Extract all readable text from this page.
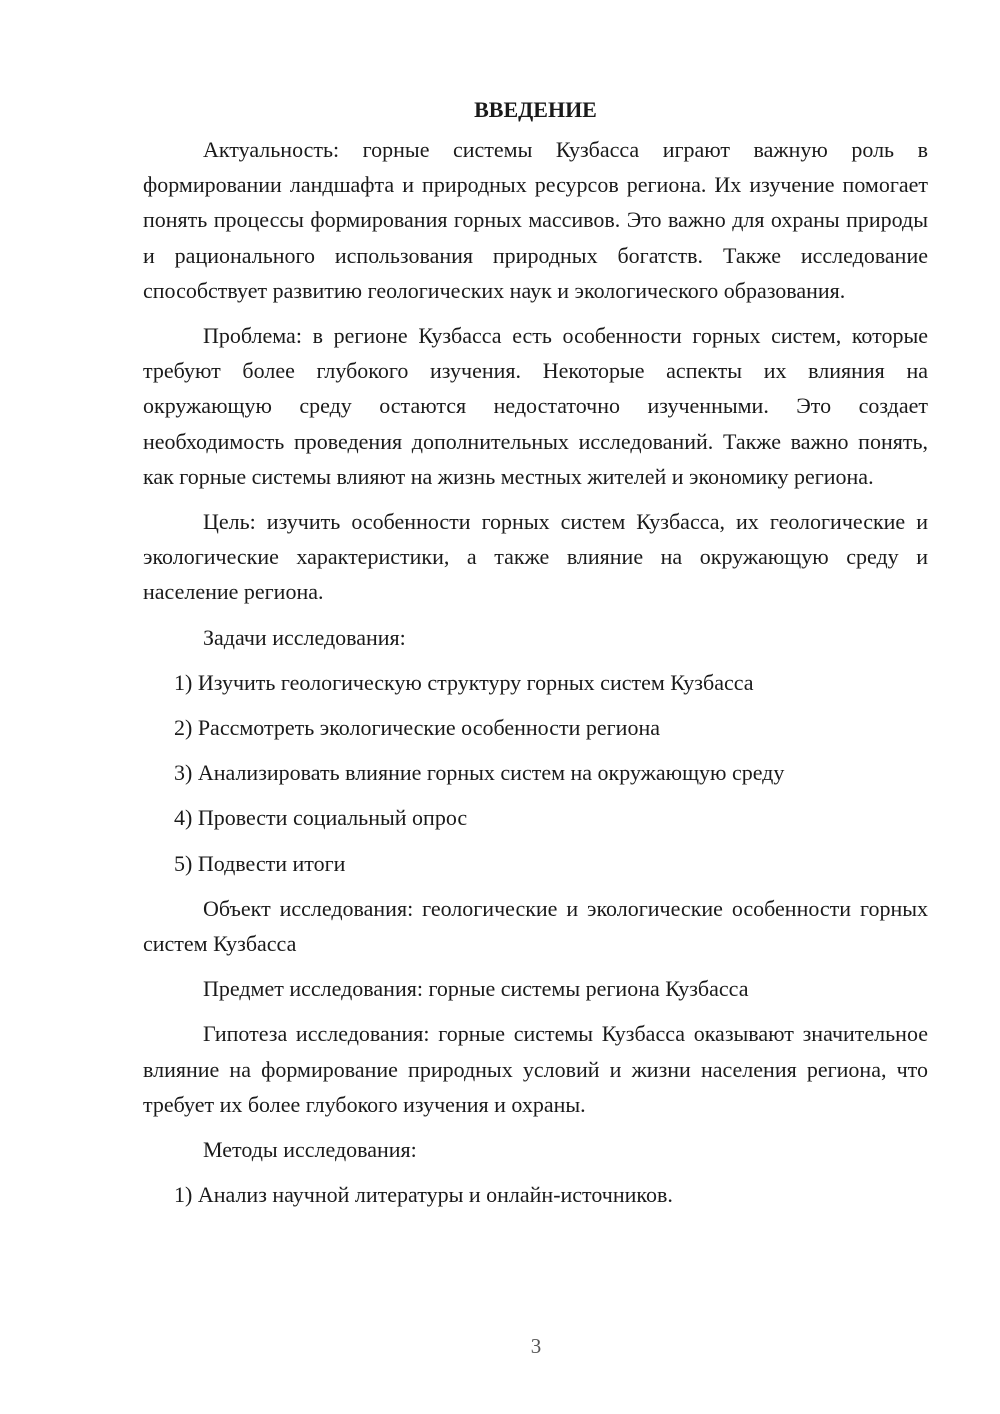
ВВЕДЕНИЕ

Актуальность: горные системы Кузбасса играют важную роль в формировании ландшафта и природных ресурсов региона. Их изучение помогает понять процессы формирования горных массивов. Это важно для охраны природы и рационального использования природных богатств. Также исследование способствует развитию геологических наук и экологического образования.

Проблема: в регионе Кузбасса есть особенности горных систем, которые требуют более глубокого изучения. Некоторые аспекты их влияния на окружающую среду остаются недостаточно изученными. Это создает необходимость проведения дополнительных исследований. Также важно понять, как горные системы влияют на жизнь местных жителей и экономику региона.

Цель: изучить особенности горных систем Кузбасса, их геологические и экологические характеристики, а также влияние на окружающую среду и население региона.

Задачи исследования:

1) Изучить геологическую структуру горных систем Кузбасса
2) Рассмотреть экологические особенности региона
3) Анализировать влияние горных систем на окружающую среду
4) Провести социальный опрос
5) Подвести итоги

Объект исследования: геологические и экологические особенности горных систем Кузбасса

Предмет исследования: горные системы региона Кузбасса

Гипотеза исследования: горные системы Кузбасса оказывают значительное влияние на формирование природных условий и жизни населения региона, что требует их более глубокого изучения и охраны.

Методы исследования:

1) Анализ научной литературы и онлайн-источников.
3
